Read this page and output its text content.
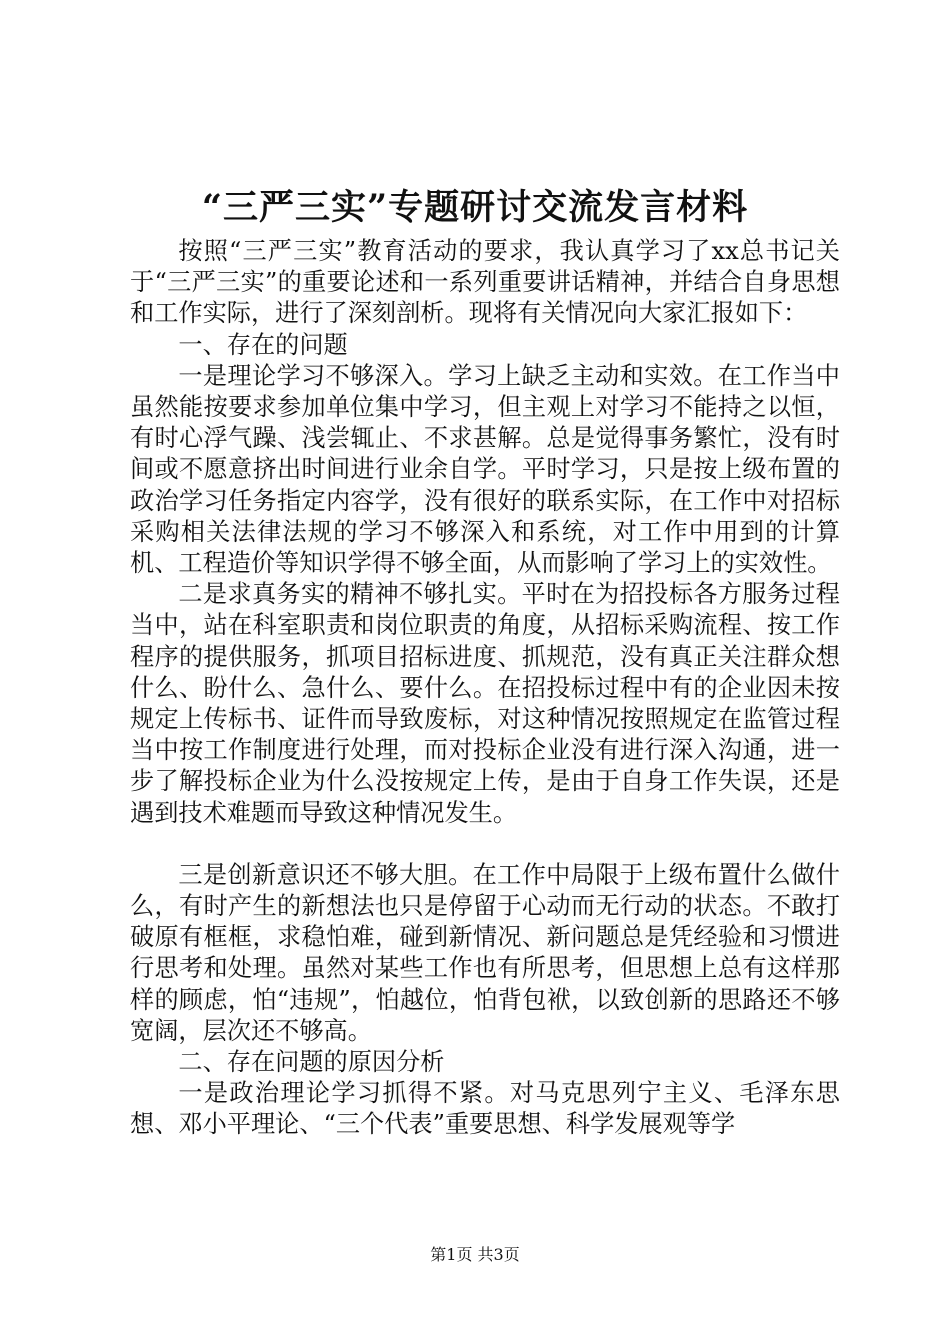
“三严三实”专题研讨交流发言材料

按照“三严三实”教育活动的要求，我认真学习了xx总书记关于“三严三实”的重要论述和一系列重要讲话精神，并结合自身思想和工作实际，进行了深刻剖析。现将有关情况向大家汇报如下：

一、存在的问题

一是理论学习不够深入。学习上缺乏主动和实效。在工作当中虽然能按要求参加单位集中学习，但主观上对学习不能持之以恒，有时心浮气躁、浅尝辄止、不求甚解。总是觉得事务繁忙，没有时间或不愿意挤出时间进行业余自学。平时学习，只是按上级布置的政治学习任务指定内容学，没有很好的联系实际，在工作中对招标采购相关法律法规的学习不够深入和系统，对工作中用到的计算机、工程造价等知识学得不够全面，从而影响了学习上的实效性。

二是求真务实的精神不够扎实。平时在为招投标各方服务过程当中，站在科室职责和岗位职责的角度，从招标采购流程、按工作程序的提供服务，抓项目招标进度、抓规范，没有真正关注群众想什么、盼什么、急什么、要什么。在招投标过程中有的企业因未按规定上传标书、证件而导致废标，对这种情况按照规定在监管过程当中按工作制度进行处理，而对投标企业没有进行深入沟通，进一步了解投标企业为什么没按规定上传，是由于自身工作失误，还是遇到技术难题而导致这种情况发生。

三是创新意识还不够大胆。在工作中局限于上级布置什么做什么，有时产生的新想法也只是停留于心动而无行动的状态。不敢打破原有框框，求稳怕难，碰到新情况、新问题总是凭经验和习惯进行思考和处理。虽然对某些工作也有所思考，但思想上总有这样那样的顾虑，怕“违规”，怕越位，怕背包袱，以致创新的思路还不够宽阔，层次还不够高。

二、存在问题的原因分析

一是政治理论学习抓得不紧。对马克思列宁主义、毛泽东思想、邓小平理论、“三个代表”重要思想、科学发展观等学

第1页 共3页
